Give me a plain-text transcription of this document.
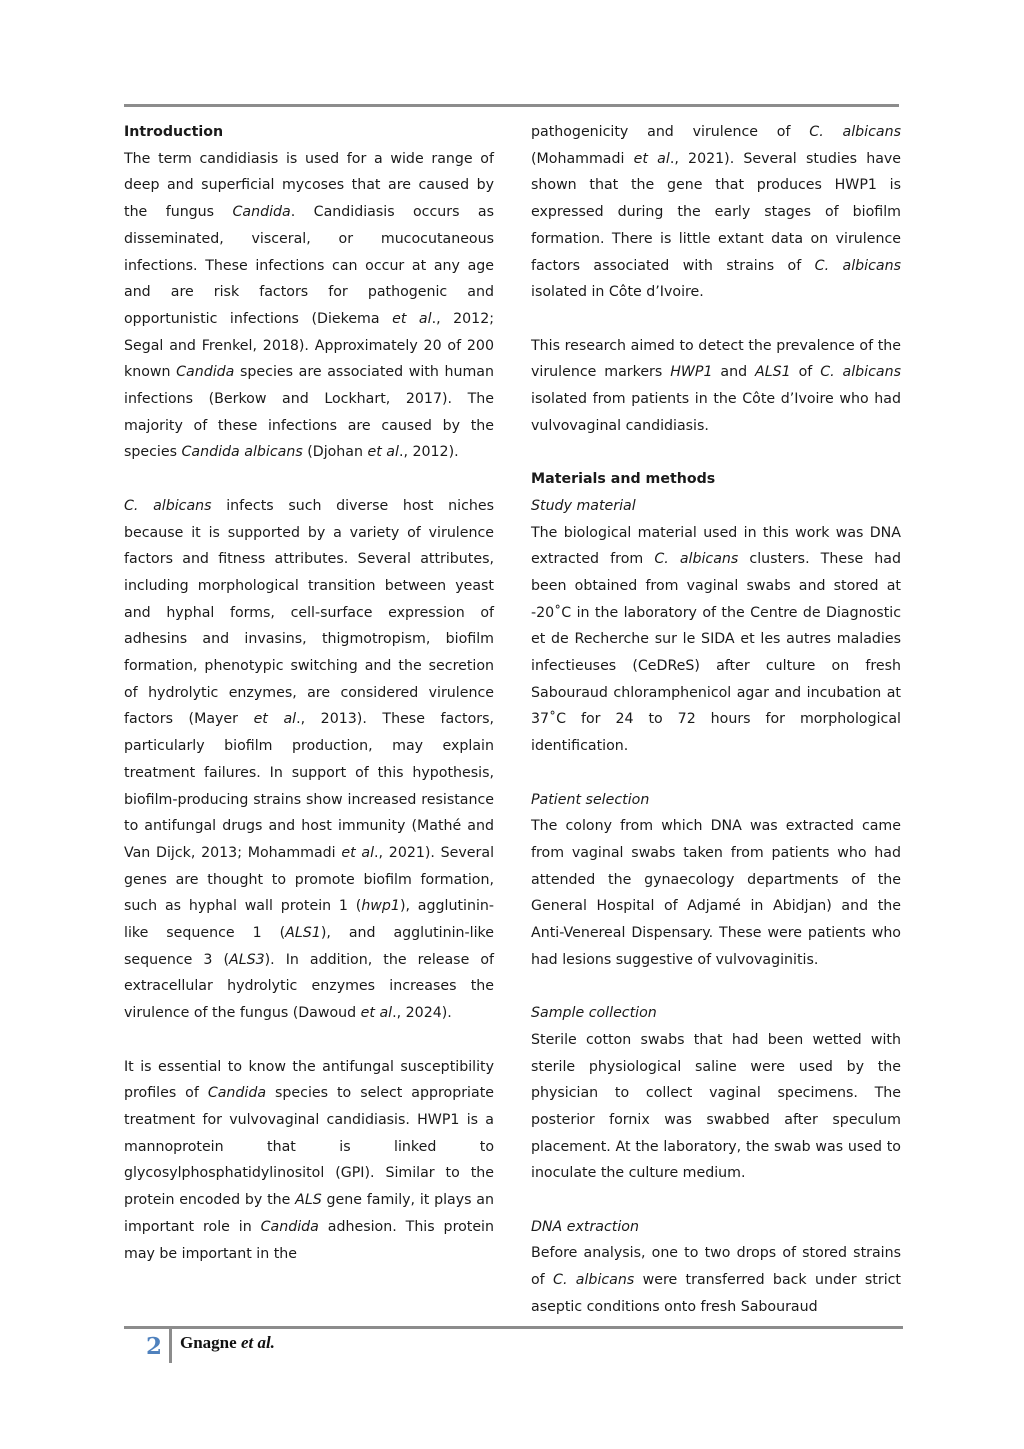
Introduction

The term candidiasis is used for a wide range of deep and superficial mycoses that are caused by the fungus Candida. Candidiasis occurs as disseminated, visceral, or mucocutaneous infections. These infections can occur at any age and are risk factors for pathogenic and opportunistic infections (Diekema et al., 2012; Segal and Frenkel, 2018). Approximately 20 of 200 known Candida species are associated with human infections (Berkow and Lockhart, 2017). The majority of these infections are caused by the species Candida albicans (Djohan et al., 2012).

C. albicans infects such diverse host niches because it is supported by a variety of virulence factors and fitness attributes. Several attributes, including morphological transition between yeast and hyphal forms, cell-surface expression of adhesins and invasins, thigmotropism, biofilm formation, phenotypic switching and the secretion of hydrolytic enzymes, are considered virulence factors (Mayer et al., 2013). These factors, particularly biofilm production, may explain treatment failures. In support of this hypothesis, biofilm-producing strains show increased resistance to antifungal drugs and host immunity (Mathé and Van Dijck, 2013; Mohammadi et al., 2021). Several genes are thought to promote biofilm formation, such as hyphal wall protein 1 (hwp1), agglutinin-like sequence 1 (ALS1), and agglutinin-like sequence 3 (ALS3). In addition, the release of extracellular hydrolytic enzymes increases the virulence of the fungus (Dawoud et al., 2024).

It is essential to know the antifungal susceptibility profiles of Candida species to select appropriate treatment for vulvovaginal candidiasis. HWP1 is a mannoprotein that is linked to glycosylphosphatidylinositol (GPI). Similar to the protein encoded by the ALS gene family, it plays an important role in Candida adhesion. This protein may be important in the

pathogenicity and virulence of C. albicans (Mohammadi et al., 2021). Several studies have shown that the gene that produces HWP1 is expressed during the early stages of biofilm formation. There is little extant data on virulence factors associated with strains of C. albicans isolated in Côte d’Ivoire.

This research aimed to detect the prevalence of the virulence markers HWP1 and ALS1 of C. albicans isolated from patients in the Côte d’Ivoire who had vulvovaginal candidiasis.

Materials and methods
Study material

The biological material used in this work was DNA extracted from C. albicans clusters. These had been obtained from vaginal swabs and stored at -20˚C in the laboratory of the Centre de Diagnostic et de Recherche sur le SIDA et les autres maladies infectieuses (CeDReS) after culture on fresh Sabouraud chloramphenicol agar and incubation at 37˚C for 24 to 72 hours for morphological identification.

Patient selection

The colony from which DNA was extracted came from vaginal swabs taken from patients who had attended the gynaecology departments of the General Hospital of Adjamé in Abidjan) and the Anti-Venereal Dispensary. These were patients who had lesions suggestive of vulvovaginitis.

Sample collection

Sterile cotton swabs that had been wetted with sterile physiological saline were used by the physician to collect vaginal specimens. The posterior fornix was swabbed after speculum placement. At the laboratory, the swab was used to inoculate the culture medium.

DNA extraction

Before analysis, one to two drops of stored strains of C. albicans were transferred back under strict aseptic conditions onto fresh Sabouraud

2 Gnagne et al.
